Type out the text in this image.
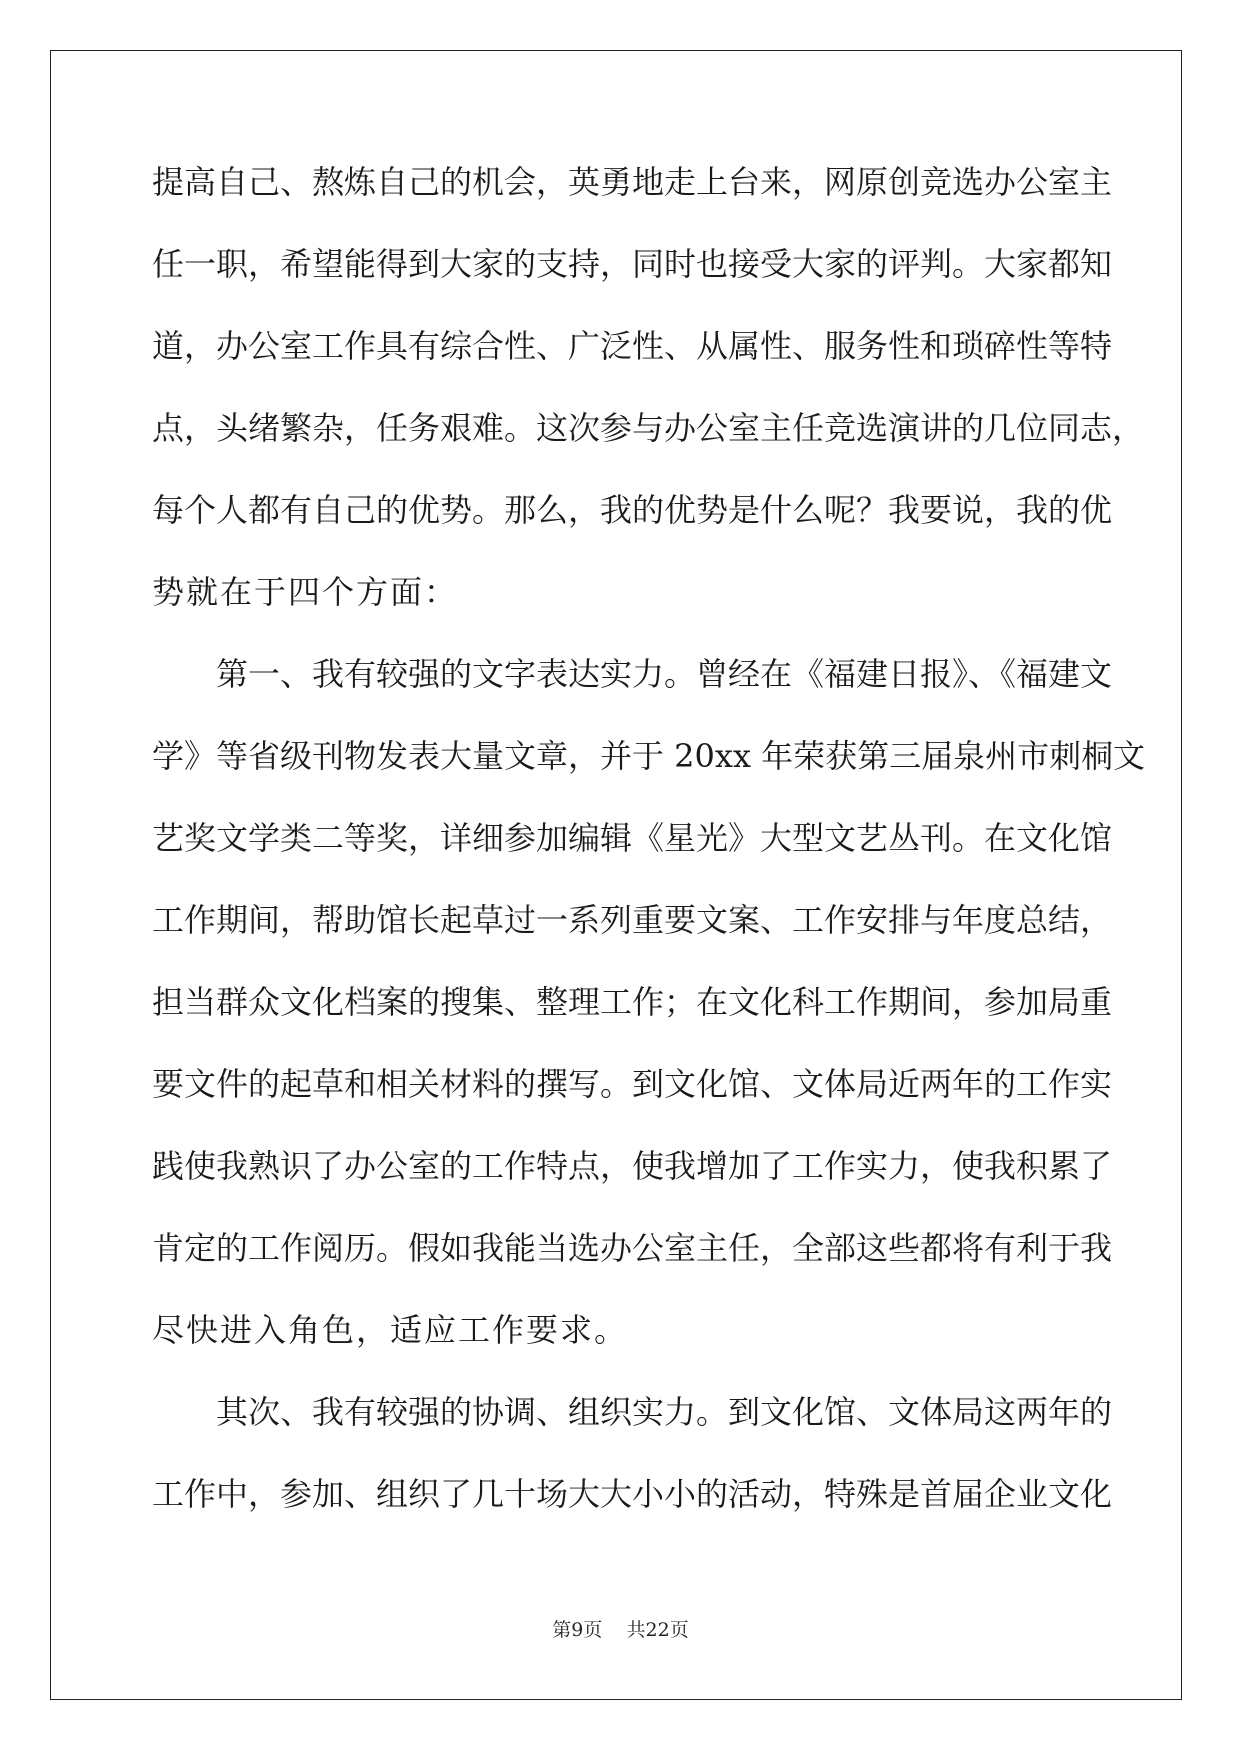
提高自己、熬炼自己的机会，英勇地走上台来，网原创竞选办公室主
任一职，希望能得到大家的支持，同时也接受大家的评判。大家都知
道，办公室工作具有综合性、广泛性、从属性、服务性和琐碎性等特
点，头绪繁杂，任务艰难。这次参与办公室主任竞选演讲的几位同志，
每个人都有自己的优势。那么，我的优势是什么呢？我要说，我的优
势就在于四个方面：
　　第一、我有较强的文字表达实力。曾经在《福建日报》、《福建文
学》等省级刊物发表大量文章，并于 20xx 年荣获第三届泉州市刺桐文
艺奖文学类二等奖，详细参加编辑《星光》大型文艺丛刊。在文化馆
工作期间，帮助馆长起草过一系列重要文案、工作安排与年度总结，
担当群众文化档案的搜集、整理工作；在文化科工作期间，参加局重
要文件的起草和相关材料的撰写。到文化馆、文体局近两年的工作实
践使我熟识了办公室的工作特点，使我增加了工作实力，使我积累了
肯定的工作阅历。假如我能当选办公室主任，全部这些都将有利于我
尽快进入角色，适应工作要求。
　　其次、我有较强的协调、组织实力。到文化馆、文体局这两年的
工作中，参加、组织了几十场大大小小的活动，特殊是首届企业文化
第9页 共22页
